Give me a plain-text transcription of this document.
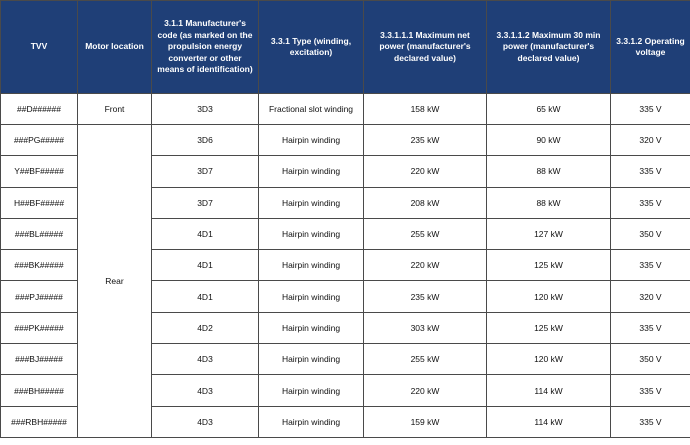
TVV	Motor location	3.1.1 Manufacturer's code (as marked on the propulsion energy converter or other means of identification)	3.3.1 Type (winding, excitation)	3.3.1.1.1 Maximum net power (manufacturer's declared value)	3.3.1.1.2 Maximum 30 min power (manufacturer's declared value)	3.3.1.2 Operating voltage
##D######	Front	3D3	Fractional slot winding	158 kW	65 kW	335 V
###PG#####	Rear	3D6	Hairpin winding	235 kW	90 kW	320 V
Y##BF#####		3D7	Hairpin winding	220 kW	88 kW	335 V
H##BF#####		3D7	Hairpin winding	208 kW	88 kW	335 V
###BL#####		4D1	Hairpin winding	255 kW	127 kW	350 V
###BK#####		4D1	Hairpin winding	220 kW	125 kW	335 V
###PJ#####		4D1	Hairpin winding	235 kW	120 kW	320 V
###PK#####		4D2	Hairpin winding	303 kW	125 kW	335 V
###BJ#####		4D3	Hairpin winding	255 kW	120 kW	350 V
###BH#####		4D3	Hairpin winding	220 kW	114 kW	335 V
###RBH#####		4D3	Hairpin winding	159 kW	114 kW	335 V
